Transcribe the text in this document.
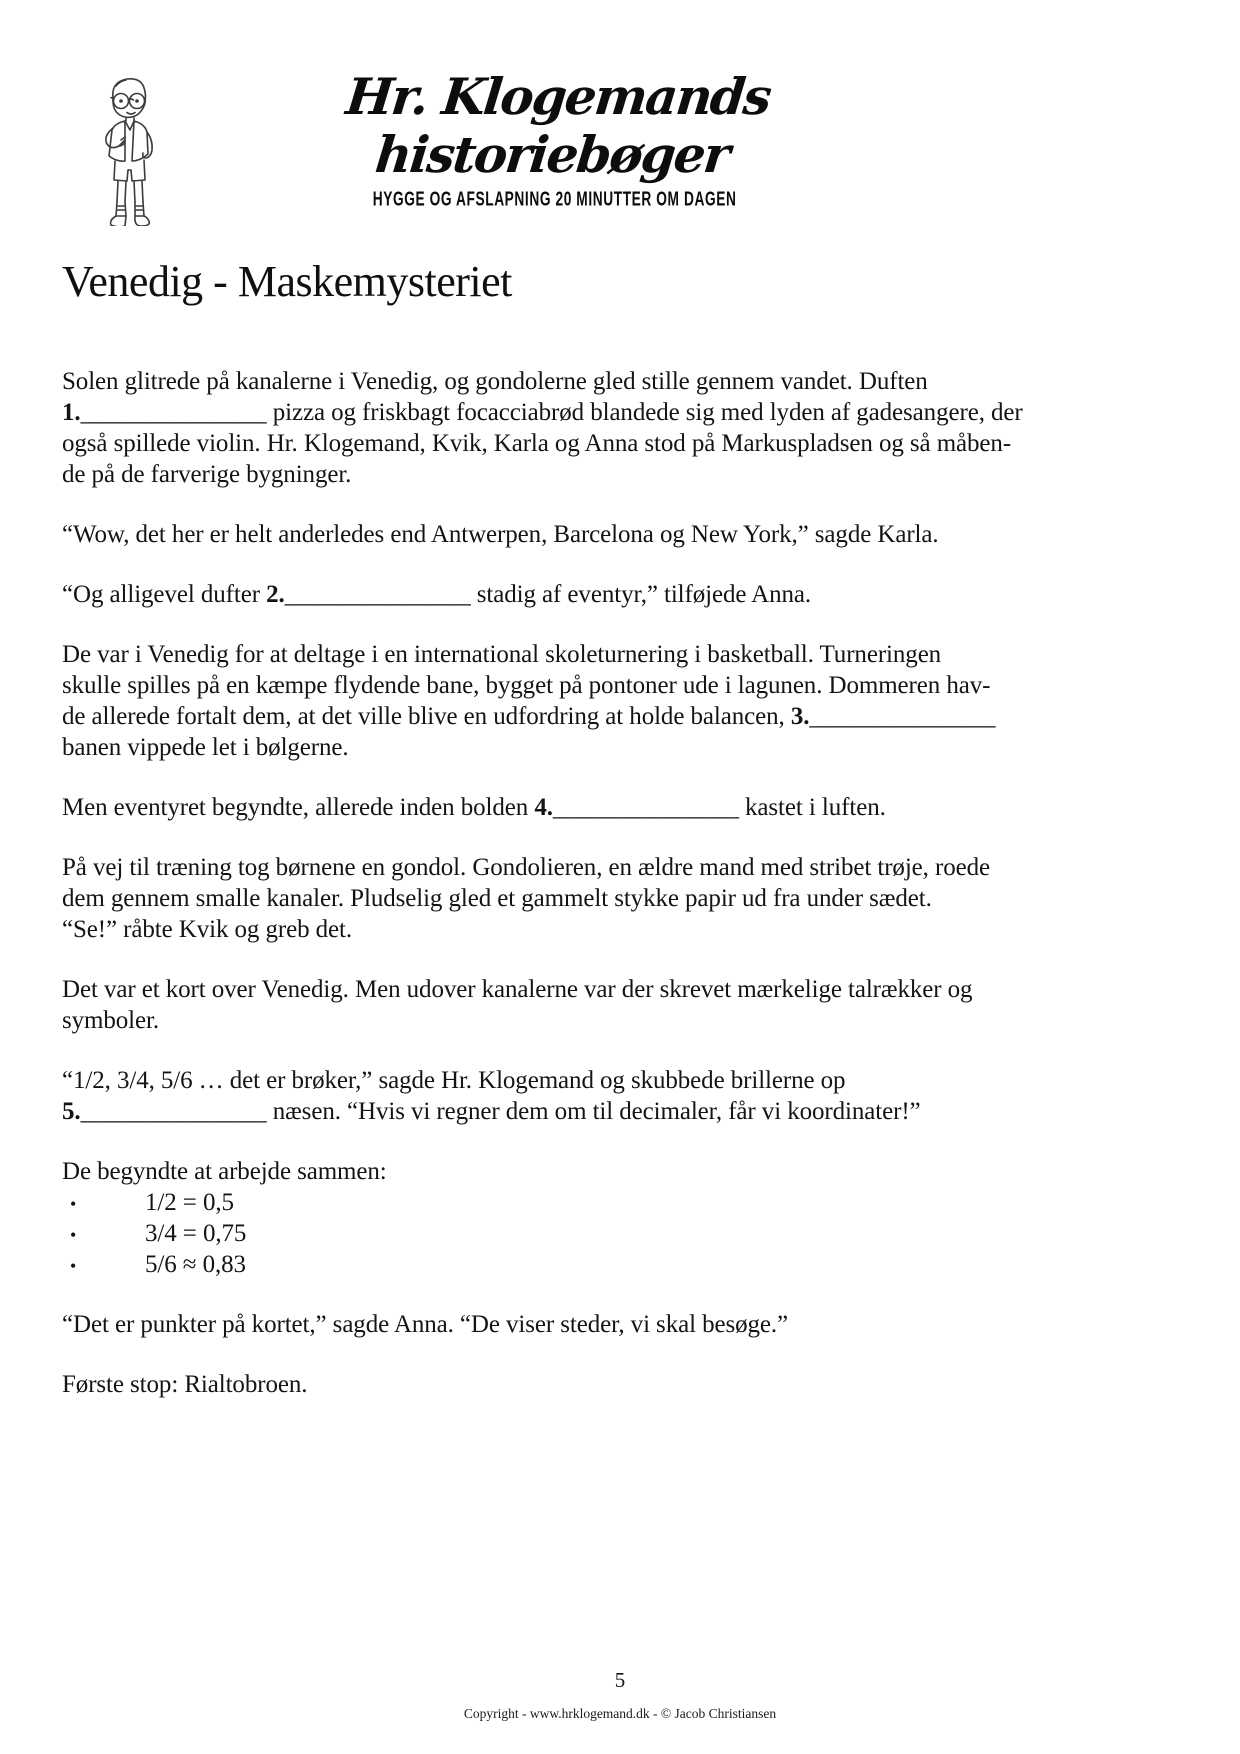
Hr. Klogemands historiebøger
HYGGE OG AFSLAPNING 20 MINUTTER OM DAGEN
Venedig - Maskemysteriet
Solen glitrede på kanalerne i Venedig, og gondolerne gled stille gennem vandet. Duften
1._______________ pizza og friskbagt focacciabrød blandede sig med lyden af gadesangere, der
også spillede violin. Hr. Klogemand, Kvik, Karla og Anna stod på Markuspladsen og så måben-
de på de farverige bygninger.
“Wow, det her er helt anderledes end Antwerpen, Barcelona og New York,” sagde Karla.
“Og alligevel dufter 2._______________ stadig af eventyr,” tilføjede Anna.
De var i Venedig for at deltage i en international skoleturnering i basketball. Turneringen
skulle spilles på en kæmpe flydende bane, bygget på pontoner ude i lagunen. Dommeren hav-
de allerede fortalt dem, at det ville blive en udfordring at holde balancen, 3._______________
banen vippede let i bølgerne.
Men eventyret begyndte, allerede inden bolden 4._______________ kastet i luften.
På vej til træning tog børnene en gondol. Gondolieren, en ældre mand med stribet trøje, roede
dem gennem smalle kanaler. Pludselig gled et gammelt stykke papir ud fra under sædet.
“Se!” råbte Kvik og greb det.
Det var et kort over Venedig. Men udover kanalerne var der skrevet mærkelige talrækker og
symboler.
“1/2, 3/4, 5/6 … det er brøker,” sagde Hr. Klogemand og skubbede brillerne op
5._______________ næsen. “Hvis vi regner dem om til decimaler, får vi koordinater!”
De begyndte at arbejde sammen:
•	1/2 = 0,5
•	3/4 = 0,75
•	5/6 ≈ 0,83
“Det er punkter på kortet,” sagde Anna. “De viser steder, vi skal besøge.”
Første stop: Rialtobroen.
5
Copyright - www.hrklogemand.dk - © Jacob Christiansen
